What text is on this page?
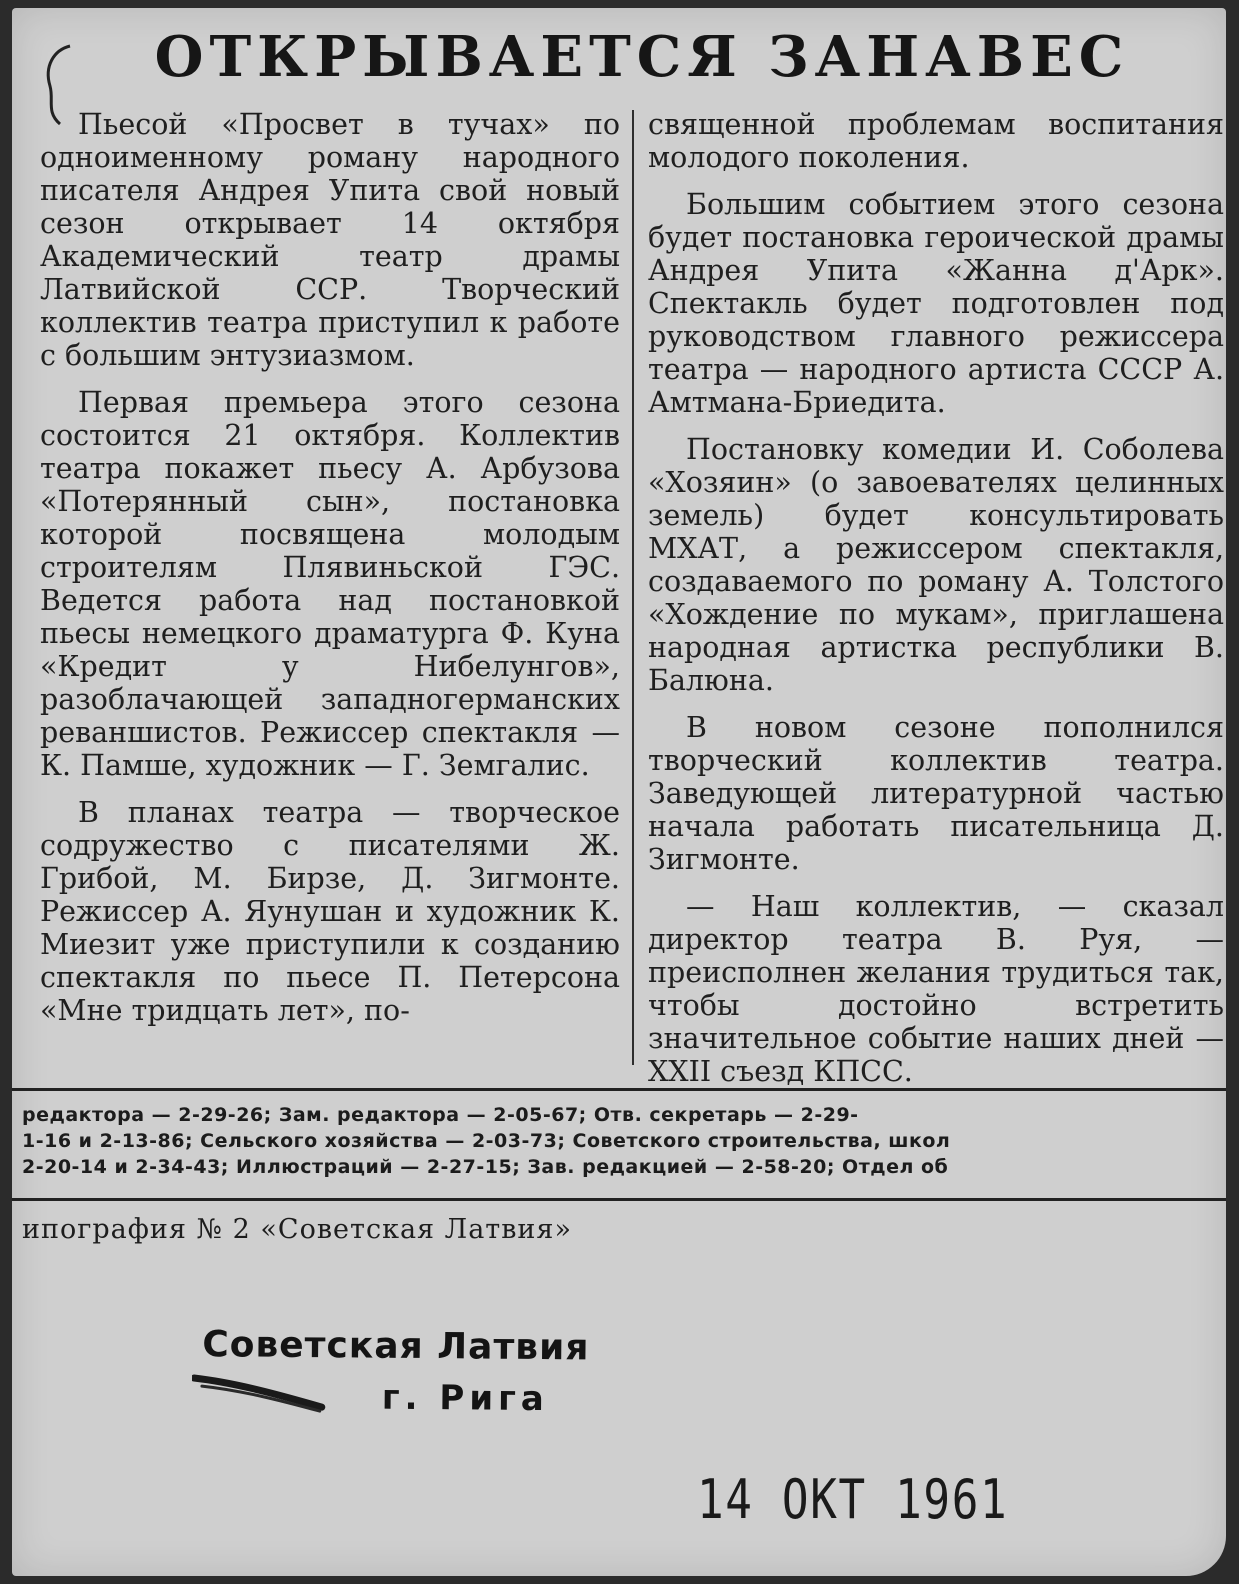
ОТКРЫВАЕТСЯ ЗАНАВЕС

Пьесой «Просвет в тучах» по одноименному роману народного писателя Андрея Упита свой новый сезон открывает 14 октября Академический театр драмы Латвийской ССР. Творческий коллектив театра приступил к работе с большим энтузиазмом.

Первая премьера этого сезона состоится 21 октября. Коллектив театра покажет пьесу А. Арбузова «Потерянный сын», постановка которой посвящена молодым строителям Плявиньской ГЭС. Ведется работа над постановкой пьесы немецкого драматурга Ф. Куна «Кредит у Нибелунгов», разоблачающей западногерманских реваншистов. Режиссер спектакля — К. Памше, художник — Г. Земгалис.

В планах театра — творческое содружество с писателями Ж. Грибой, М. Бирзе, Д. Зигмонте. Режиссер А. Яунушан и художник К. Миезит уже приступили к созданию спектакля по пьесе П. Петерсона «Мне тридцать лет», по-

священной проблемам воспитания молодого поколения.

Большим событием этого сезона будет постановка героической драмы Андрея Упита «Жанна д'Арк». Спектакль будет подготовлен под руководством главного режиссера театра — народного артиста СССР А. Амтмана-Бриедита.

Постановку комедии И. Соболева «Хозяин» (о завоевателях целинных земель) будет консультировать МХАТ, а режиссером спектакля, создаваемого по роману А. Толстого «Хождение по мукам», приглашена народная артистка республики В. Балюна.

В новом сезоне пополнился творческий коллектив театра. Заведующей литературной частью начала работать писательница Д. Зигмонте.

— Наш коллектив, — сказал директор театра В. Руя, — преисполнен желания трудиться так, чтобы достойно встретить значительное событие наших дней — XXII съезд КПСС.

редактора — 2-29-26; Зам. редактора — 2-05-67; Отв. секретарь — 2-29-
1-16 и 2-13-86; Сельского хозяйства — 2-03-73; Советского строительства, школ
2-20-14 и 2-34-43; Иллюстраций — 2-27-15; Зав. редакцией — 2-58-20; Отдел об
ипография № 2 «Советская Латвия»
Советская Латвия
г. Рига
14 ОКТ 1961
